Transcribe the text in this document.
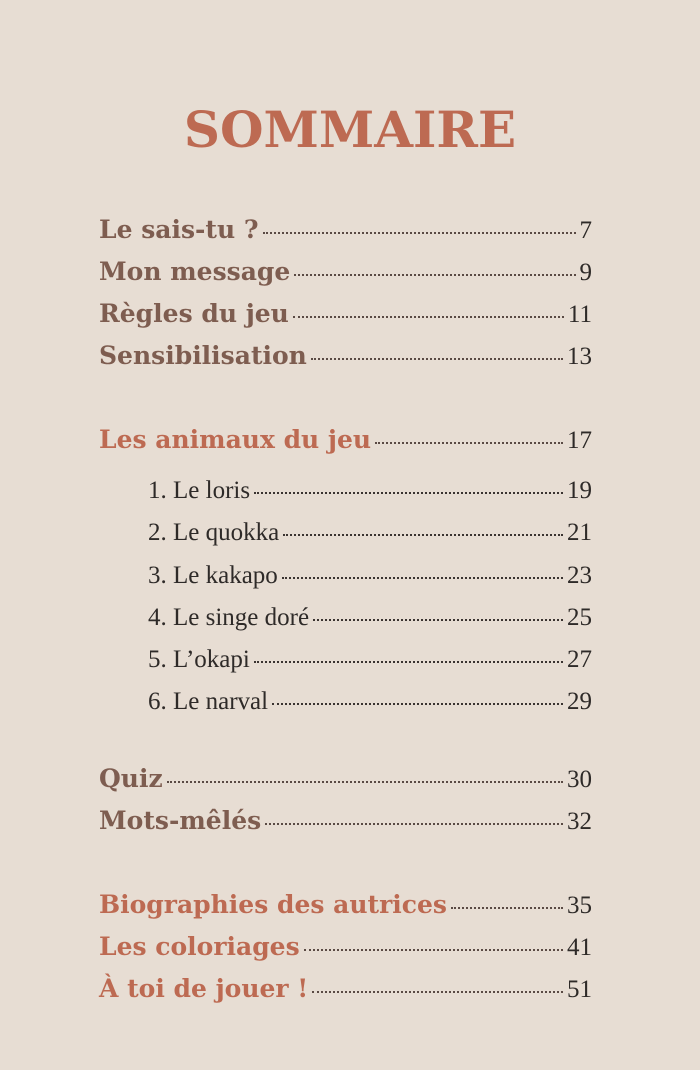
SOMMAIRE
Le sais-tu ?	7
Mon message	9
Règles du jeu	11
Sensibilisation	13
Les animaux du jeu	17
1. Le loris	19
2. Le quokka	21
3. Le kakapo	23
4. Le singe doré	25
5. L’okapi	27
6. Le narval	29
Quiz	30
Mots-mêlés	32
Biographies des autrices	35
Les coloriages	41
À toi de jouer !	51
